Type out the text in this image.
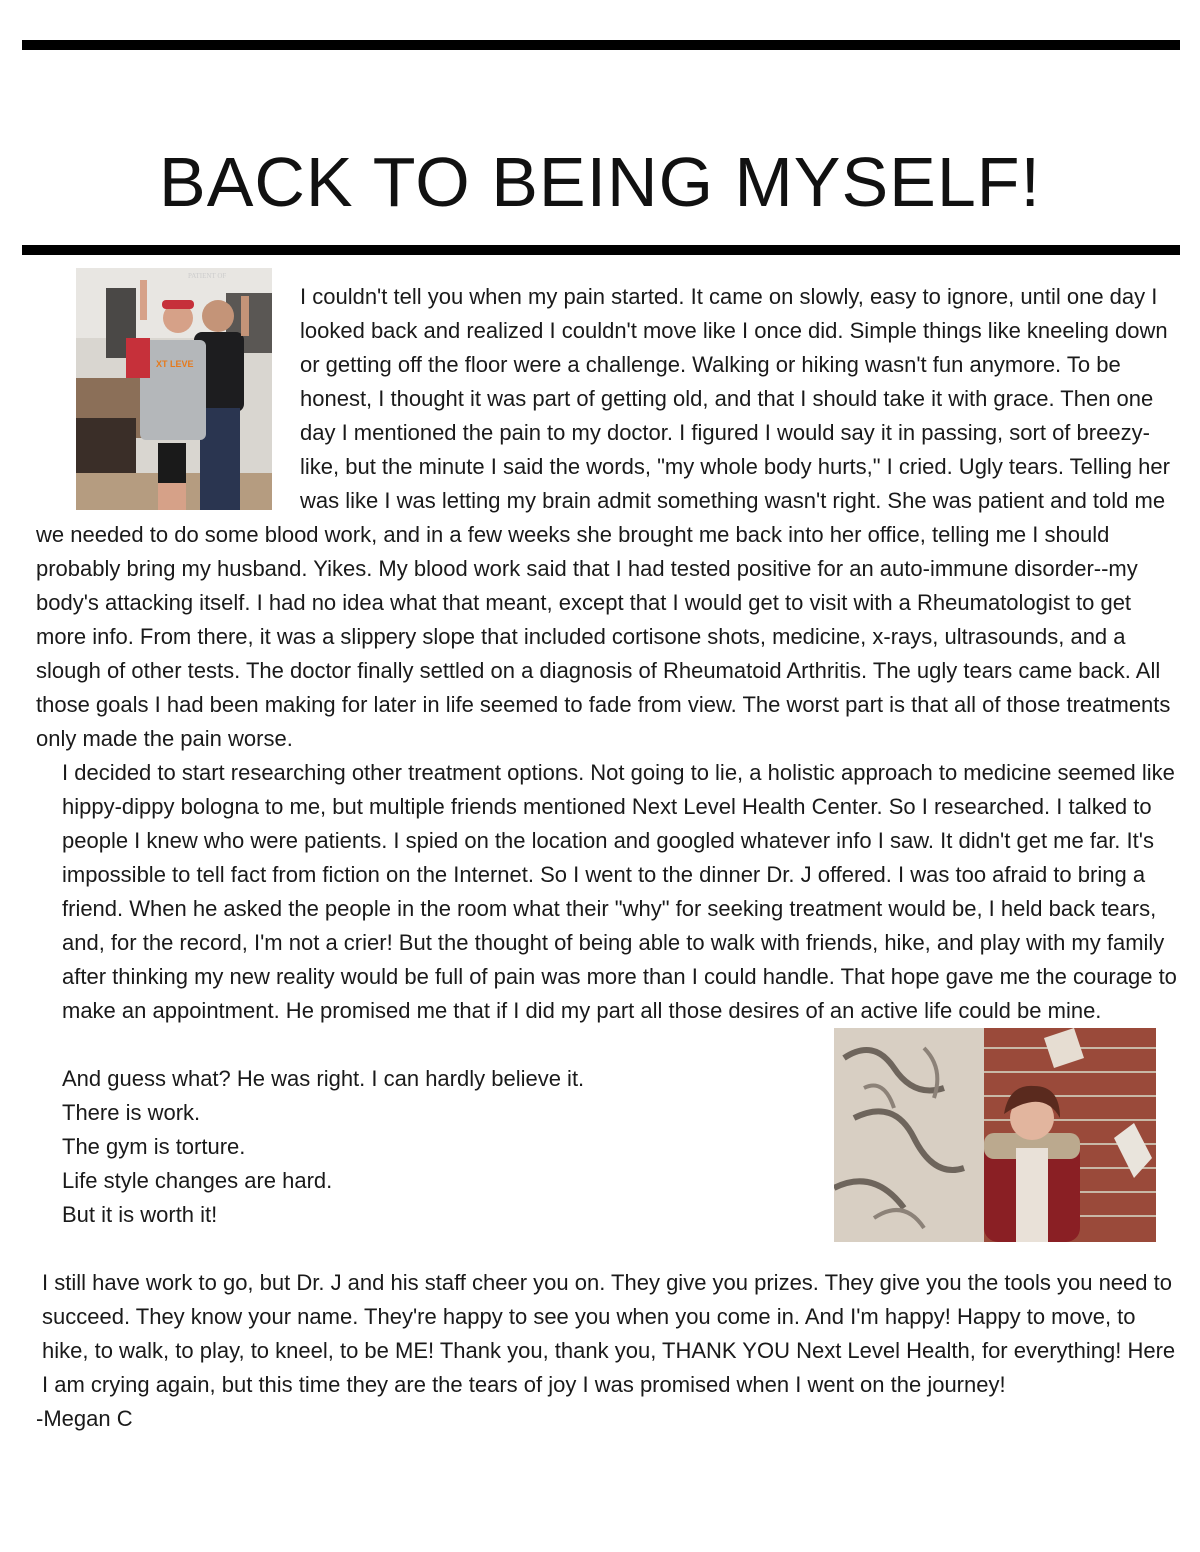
BACK TO BEING MYSELF!
PATIENT OF
XT LEVE

I couldn't tell you when my pain started. It came on slowly, easy to ignore, until one day I looked back and realized I couldn't move like I once did. Simple things like kneeling down or getting off the floor were a challenge. Walking or hiking wasn't fun anymore. To be honest, I thought it was part of getting old, and that I should take it with grace. Then one day I mentioned the pain to my doctor. I figured I would say it in passing, sort of breezy-like, but the minute I said the words, "my whole body hurts," I cried. Ugly tears. Telling her was like I was letting my brain admit something wasn't right. She was patient and told me we needed to do some blood work, and in a few weeks she brought me back into her office, telling me I should probably bring my husband. Yikes. My blood work said that I had tested positive for an auto-immune disorder--my body's attacking itself. I had no idea what that meant, except that I would get to visit with a Rheumatologist to get more info. From there, it was a slippery slope that included cortisone shots, medicine, x-rays, ultrasounds, and a slough of other tests. The doctor finally settled on a diagnosis of Rheumatoid Arthritis. The ugly tears came back. All those goals I had been making for later in life seemed to fade from view. The worst part is that all of those treatments only made the pain worse.

I decided to start researching other treatment options. Not going to lie, a holistic approach to medicine seemed like hippy-dippy bologna to me, but multiple friends mentioned Next Level Health Center. So I researched. I talked to people I knew who were patients. I spied on the location and googled whatever info I saw. It didn't get me far. It's impossible to tell fact from fiction on the Internet. So I went to the dinner Dr. J offered. I was too afraid to bring a friend. When he asked the people in the room what their "why" for seeking treatment would be, I held back tears, and, for the record, I'm not a crier! But the thought of being able to walk with friends, hike, and play with my family after thinking my new reality would be full of pain was more than I could handle. That hope gave me the courage to make an appointment. He promised me that if I did my part all those desires of an active life could be mine.

And guess what? He was right. I can hardly believe it.

There is work.

The gym is torture.

Life style changes are hard.

But it is worth it!

I still have work to go, but Dr. J and his staff cheer you on. They give you prizes. They give you the tools you need to succeed. They know your name. They're happy to see you when you come in. And I'm happy! Happy to move, to hike, to walk, to play, to kneel, to be ME! Thank you, thank you, THANK YOU Next Level Health, for everything! Here I am crying again, but this time they are the tears of joy I was promised when I went on the journey!

-Megan C
